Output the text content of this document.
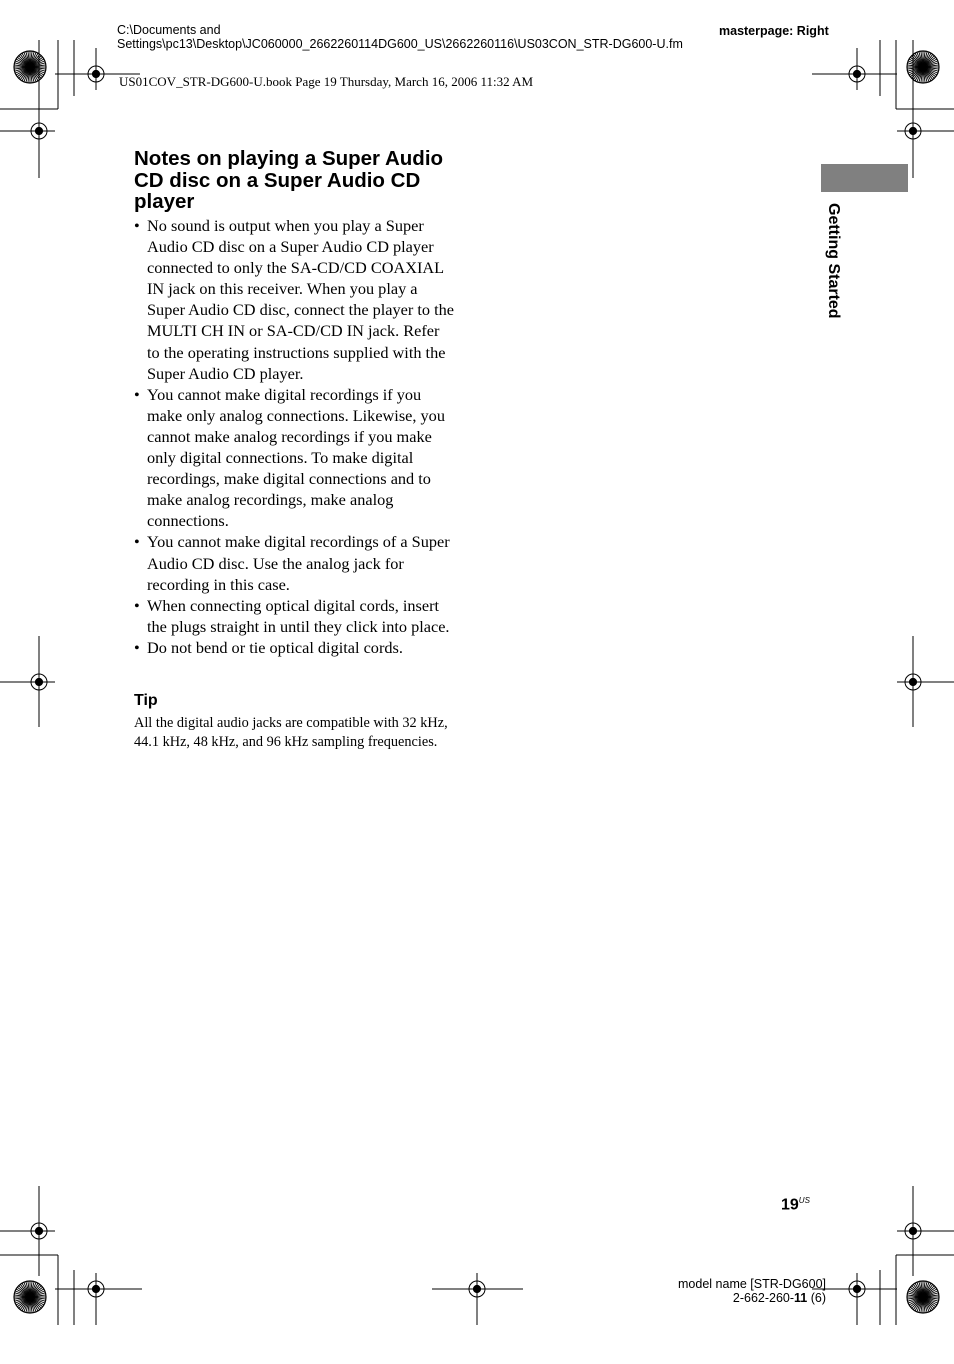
C:\Documents and Settings\pc13\Desktop\JC060000_2662260114DG600_US\2662260116\US03CON_STR-DG600-U.fm
US01COV_STR-DG600-U.book Page 19 Thursday, March 16, 2006 11:32 AM
masterpage: Right
Getting Started
Notes on playing a Super Audio CD disc on a Super Audio CD player
• No sound is output when you play a Super Audio CD disc on a Super Audio CD player connected to only the SA-CD/CD COAXIAL IN jack on this receiver. When you play a Super Audio CD disc, connect the player to the MULTI CH IN or SA-CD/CD IN jack. Refer to the operating instructions supplied with the Super Audio CD player.
• You cannot make digital recordings if you make only analog connections. Likewise, you cannot make analog recordings if you make only digital connections. To make digital recordings, make digital connections and to make analog recordings, make analog connections.
• You cannot make digital recordings of a Super Audio CD disc. Use the analog jack for recording in this case.
• When connecting optical digital cords, insert the plugs straight in until they click into place.
• Do not bend or tie optical digital cords.
Tip
All the digital audio jacks are compatible with 32 kHz, 44.1 kHz, 48 kHz, and 96 kHz sampling frequencies.
$19^{US}$
model name [STR-DG600]
2-662-260-11 (6)
